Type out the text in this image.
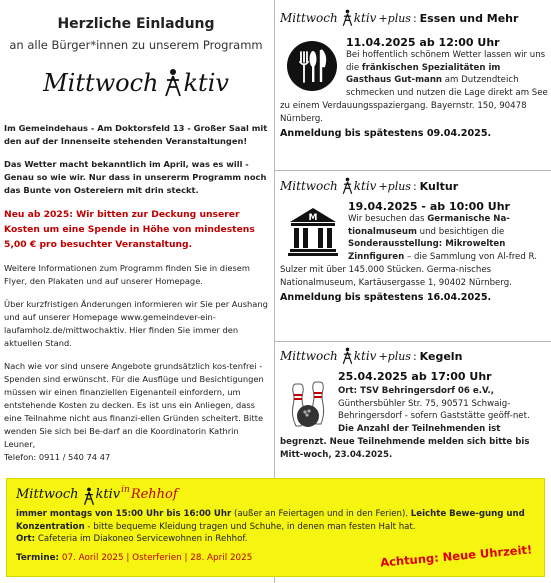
Herzliche Einladung
an alle Bürger*innen zu unserem Programm
Mittwoch ktiv
Im Gemeindehaus - Am Doktorsfeld 13 - Großer Saal mit den auf der Innenseite stehenden Veranstaltungen!
Das Wetter macht bekanntlich im April, was es will - Genau so wie wir. Nur dass in unsererm Programm noch das Bunte von Ostereiern mit drin steckt.
Neu ab 2025: Wir bitten zur Deckung unserer Kosten um eine Spende in Höhe von mindestens 5,00 € pro besuchter Veranstaltung.
Weitere Informationen zum Programm finden Sie in diesem Flyer, den Plakaten und auf unserer Homepage.
Über kurzfristigen Änderungen informieren wir Sie per Aushang und auf unserer Homepage www.gemeindever-ein-laufamholz.de/mittwochaktiv. Hier finden Sie immer den aktuellen Stand.
Nach wie vor sind unsere Angebote grundsätzlich kos-tenfrei - Spenden sind erwünscht. Für die Ausflüge und Besichtigungen müssen wir einen finanziellen Eigenanteil einfordern, um entstehende Kosten zu decken. Es ist uns ein Anliegen, dass eine Teilnahme nicht aus finanzi-ellen Gründen scheitert. Bitte wenden Sie sich bei Be-darf an die Koordinatorin Kathrin Leuner,
Telefon: 0911 / 540 74 47
Mittwoch ktiv +plus : Essen und Mehr
11.04.2025 ab 12:00 Uhr
Bei hoffentlich schönem Wetter lassen wir uns die fränkischen Spezialitäten im Gasthaus Gut-mann am Dutzendteich schmecken und nutzen die Lage direkt am See zu einem Verdauungsspaziergang. Bayernstr. 150, 90478 Nürnberg.
Anmeldung bis spätestens 09.04.2025.
Mittwoch ktiv +plus : Kultur
M
19.04.2025 - ab 10:00 Uhr
Wir besuchen das Germanische Na-tionalmuseum und besichtigen die Sonderausstellung: Mikrowelten Zinnfiguren – die Sammlung von Al-fred R. Sulzer mit über 145.000 Stücken. Germa-nisches Nationalmuseum, Kartäusergasse 1, 90402 Nürnberg.
Anmeldung bis spätestens 16.04.2025.
Mittwoch ktiv +plus : Kegeln
25.04.2025 ab 17:00 Uhr
Ort: TSV Behringersdorf 06 e.V., Günthersbühler Str. 75, 90571 Schwaig-Behringersdorf - sofern Gaststätte geöff-net. Die Anzahl der Teilnehmenden ist begrenzt. Neue Teilnehmende melden sich bitte bis Mitt-woch, 23.04.2025.
Mittwoch ktiv in Rehhof
immer montags von 15:00 Uhr bis 16:00 Uhr (außer an Feiertagen und in den Ferien). Leichte Bewe-gung und Konzentration - bitte bequeme Kleidung tragen und Schuhe, in denen man festen Halt hat.
Ort: Cafeteria im Diakoneo Servicewohnen in Rehhof.
Termine: 07. Aoril 2025 | Osterferien | 28. April 2025	Achtung: Neue Uhrzeit!
